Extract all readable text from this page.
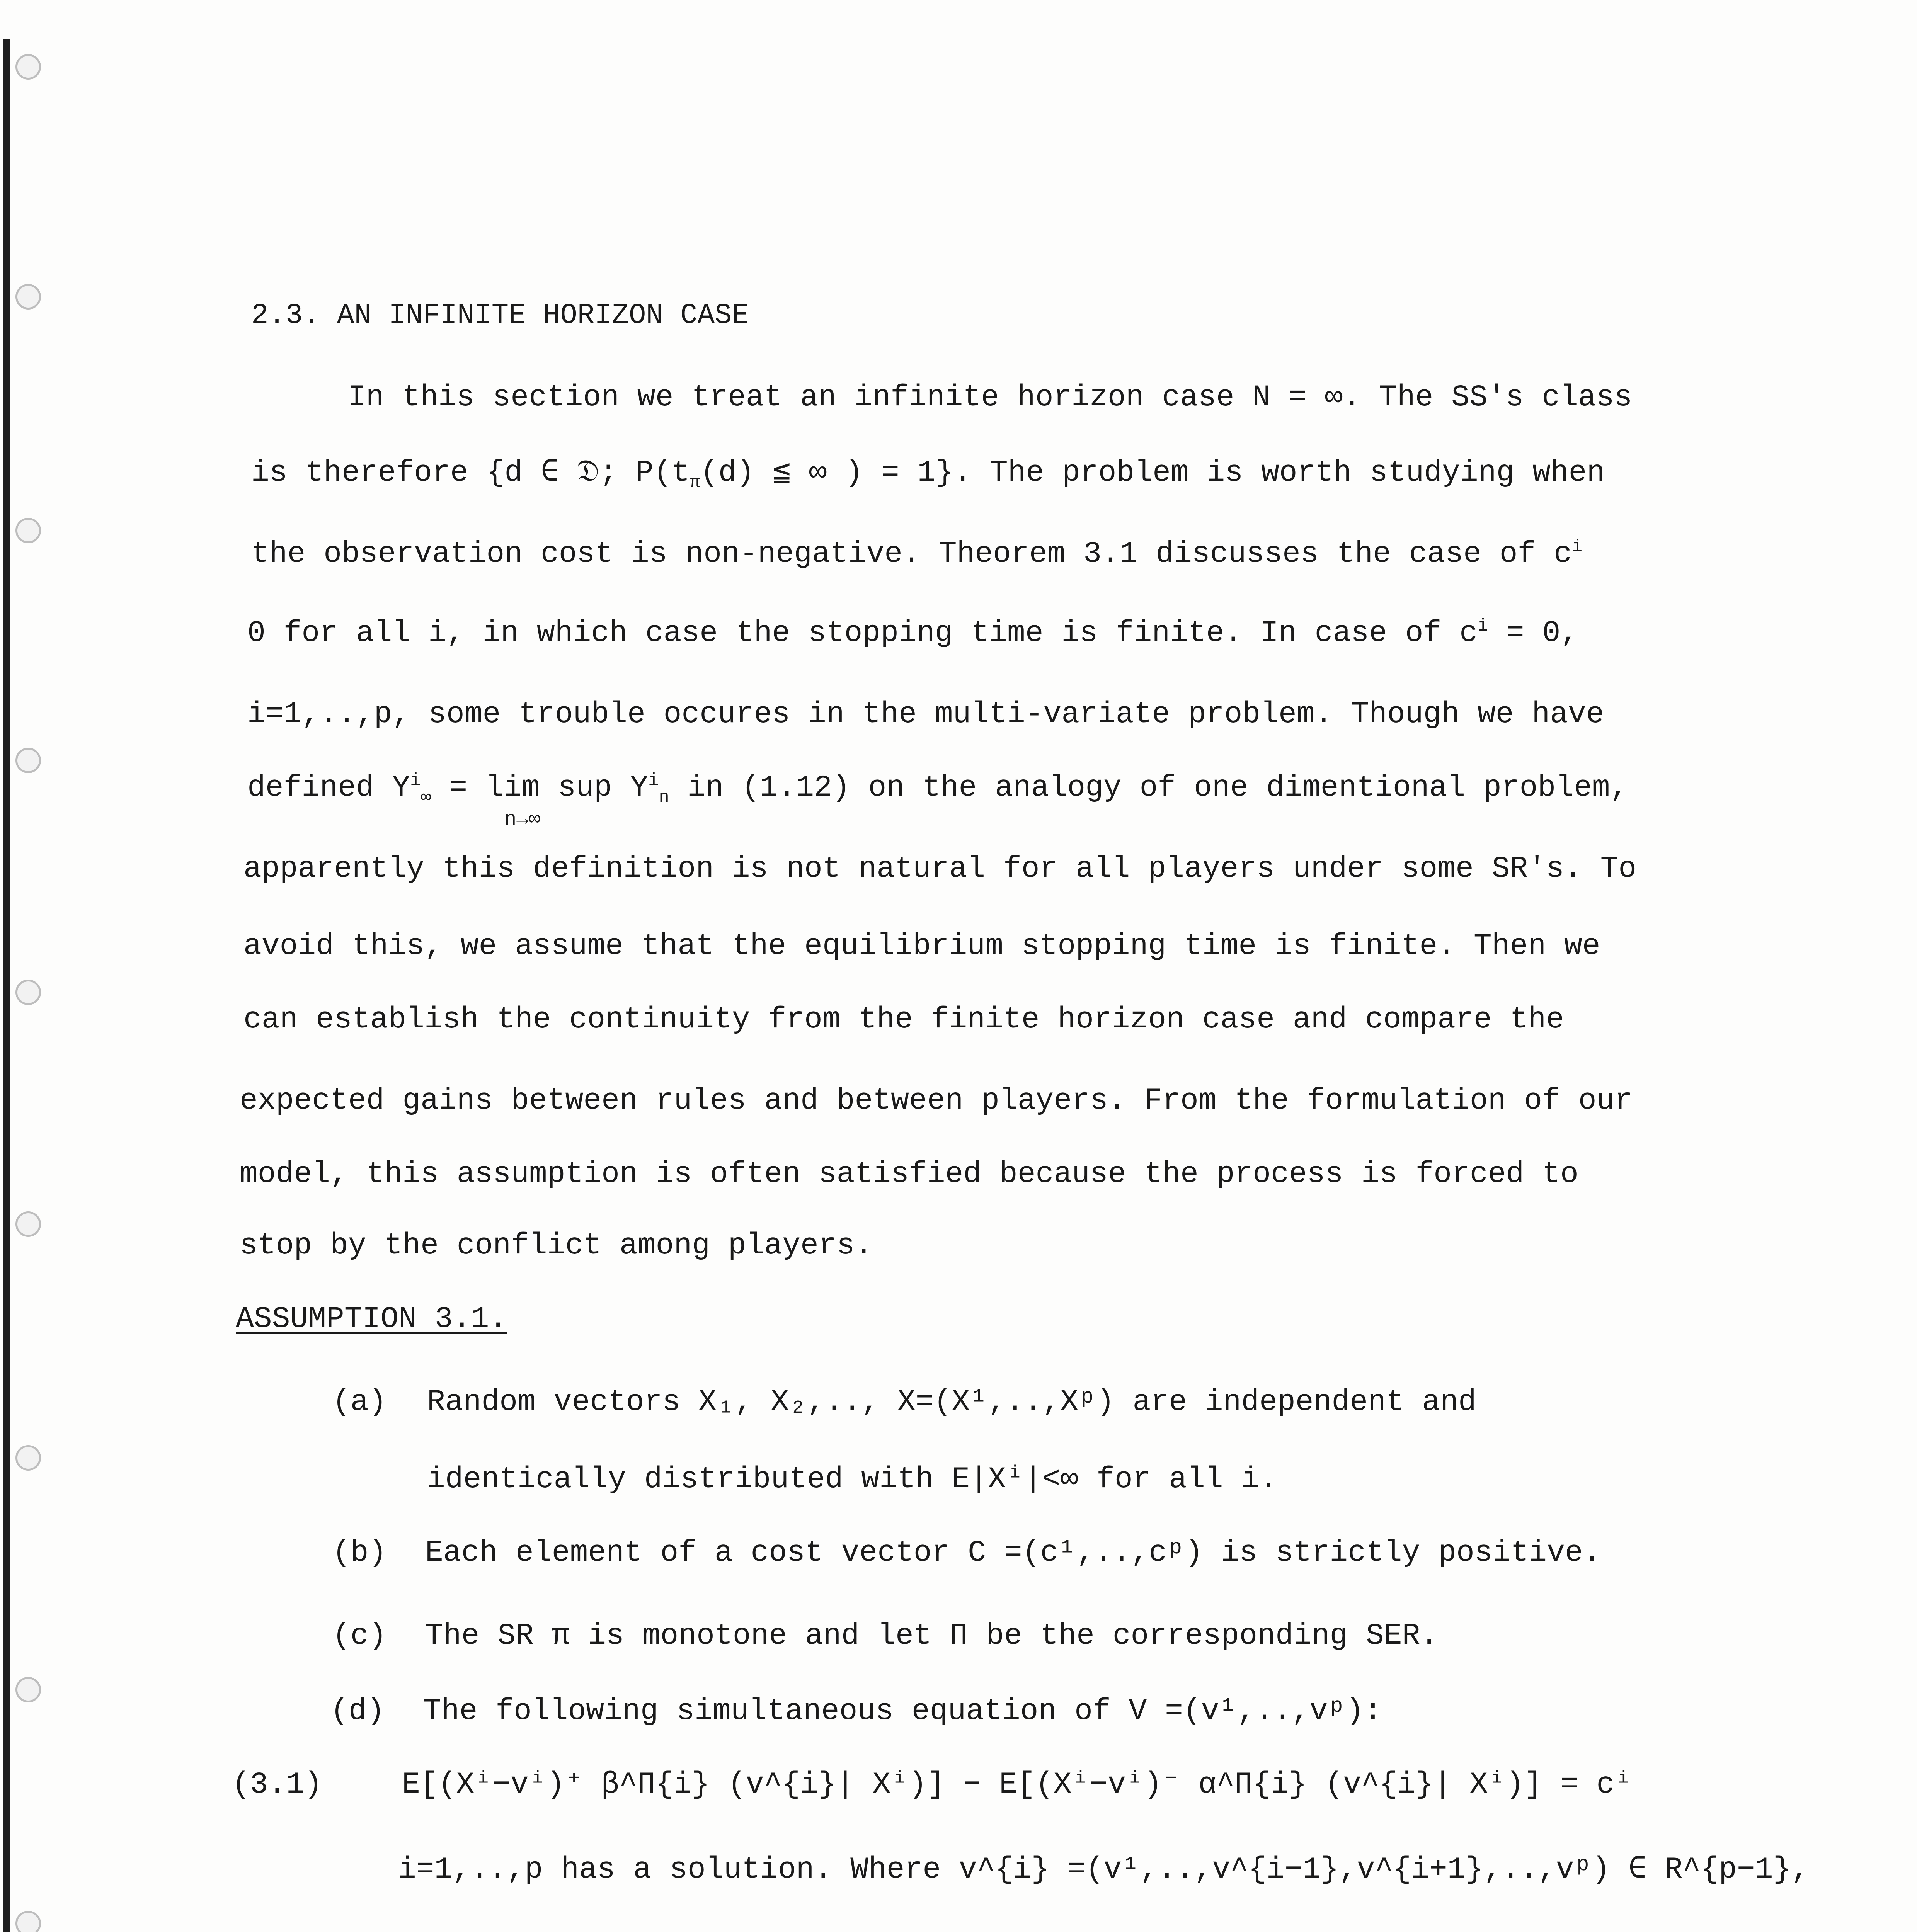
2.3. AN INFINITE HORIZON CASE
In this section we treat an infinite horizon case N = ∞. The SS's class
is therefore {d ∈ 𝔇; $P(t_\pi(d)$ ≦ ∞ ) = 1}. The problem is worth studying when
the observation cost is non-negative. Theorem 3.1 discusses the case of $c^i$
0 for all i, in which case the stopping time is finite. In case of $c^i = 0$,
i=1,..,p, some trouble occures in the multi-variate problem. Though we have
defined $Y^i_\infty = \lim$ sup $Y^i_n$ in (1.12) on the analogy of one dimentional problem,
n→∞
apparently this definition is not natural for all players under some SR's. To
avoid this, we assume that the equilibrium stopping time is finite. Then we
can establish the continuity from the finite horizon case and compare the
expected gains between rules and between players. From the formulation of our
model, this assumption is often satisfied because the process is forced to
stop by the conflict among players.
ASSUMPTION 3.1.
(a) Random vectors X₁, X₂,.., X=(X¹,..,Xᵖ) are independent and
identically distributed with E|Xⁱ|<∞ for all i.
(b) Each element of a cost vector C =(c¹,..,cᵖ) is strictly positive.
(c) The SR π is monotone and let Π be the corresponding SER.
(d) The following simultaneous equation of V =(v¹,..,vᵖ):
(3.1)	E[(Xⁱ−vⁱ)⁺ β^Π{i} (v^{i}| Xⁱ)] − E[(Xⁱ−vⁱ)⁻ α^Π{i} (v^{i}| Xⁱ)] = cⁱ
i=1,..,p has a solution. Where v^{i} =(v¹,..,v^{i−1},v^{i+1},..,vᵖ) ∈ R^{p−1},
